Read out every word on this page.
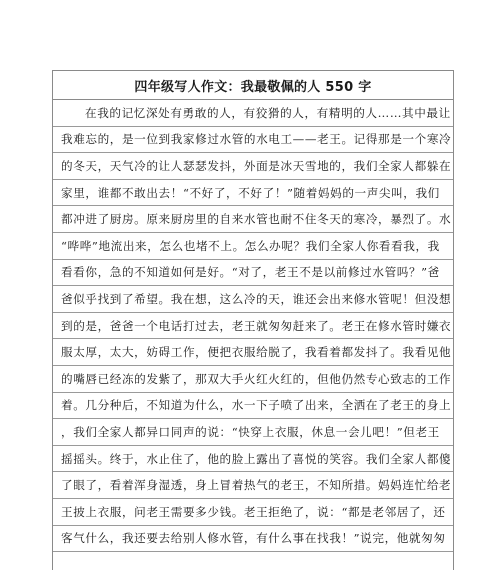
四年级写人作文：我最敬佩的人 550 字
在我的记忆深处有勇敢的人，有狡猾的人，有精明的人……其中最让
我难忘的，是一位到我家修过水管的水电工——老王。记得那是一个寒冷
的冬天，天气冷的让人瑟瑟发抖，外面是冰天雪地的，我们全家人都躲在
家里，谁都不敢出去！“不好了，不好了！”随着妈妈的一声尖叫，我们
都冲进了厨房。原来厨房里的自来水管也耐不住冬天的寒冷，暴烈了。水
“哗哗”地流出来，怎么也堵不上。怎么办呢？我们全家人你看看我，我
看看你，急的不知道如何是好。“对了，老王不是以前修过水管吗？”爸
爸似乎找到了希望。我在想，这么冷的天，谁还会出来修水管呢！但没想
到的是，爸爸一个电话打过去，老王就匆匆赶来了。老王在修水管时嫌衣
服太厚，太大，妨碍工作，便把衣服给脱了，我看着都发抖了。我看见他
的嘴唇已经冻的发紫了，那双大手火红火红的，但他仍然专心致志的工作
着。几分种后，不知道为什么，水一下子喷了出来，全洒在了老王的身上
，我们全家人都异口同声的说：“快穿上衣服，休息一会儿吧！”但老王
摇摇头。终于，水止住了，他的脸上露出了喜悦的笑容。我们全家人都傻
了眼了，看着浑身湿透，身上冒着热气的老王，不知所措。妈妈连忙给老
王披上衣服，问老王需要多少钱。老王拒绝了，说：“都是老邻居了，还
客气什么，我还要去给别人修水管，有什么事在找我！”说完，他就匆匆
